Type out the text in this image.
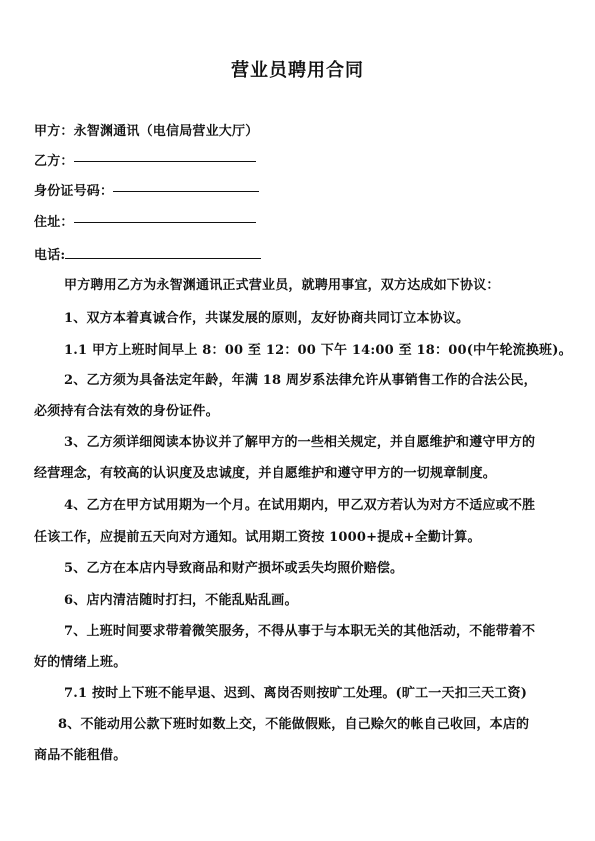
营业员聘用合同
甲方：永智渊通讯（电信局营业大厅）
乙方：
身份证号码：
住址：
电话:
甲方聘用乙方为永智渊通讯正式营业员，就聘用事宜，双方达成如下协议：
1、双方本着真诚合作，共谋发展的原则，友好协商共同订立本协议。
1.1 甲方上班时间早上 8：00 至 12：00 下午 14:00 至 18：00(中午轮流换班)。
2、乙方须为具备法定年龄，年满 18 周岁系法律允许从事销售工作的合法公民，
必须持有合法有效的身份证件。
3、乙方须详细阅读本协议并了解甲方的一些相关规定，并自愿维护和遵守甲方的
经营理念，有较高的认识度及忠诚度，并自愿维护和遵守甲方的一切规章制度。
4、乙方在甲方试用期为一个月。在试用期内，甲乙双方若认为对方不适应或不胜
任该工作，应提前五天向对方通知。试用期工资按 1000+提成+全勤计算。
5、乙方在本店内导致商品和财产损坏或丢失均照价赔偿。
6、店内清洁随时打扫，不能乱贴乱画。
7、上班时间要求带着微笑服务，不得从事于与本职无关的其他活动，不能带着不
好的情绪上班。
7.1 按时上下班不能早退、迟到、离岗否则按旷工处理。(旷工一天扣三天工资)
8、不能动用公款下班时如数上交，不能做假账，自己赊欠的帐自己收回，本店的
商品不能租借。
